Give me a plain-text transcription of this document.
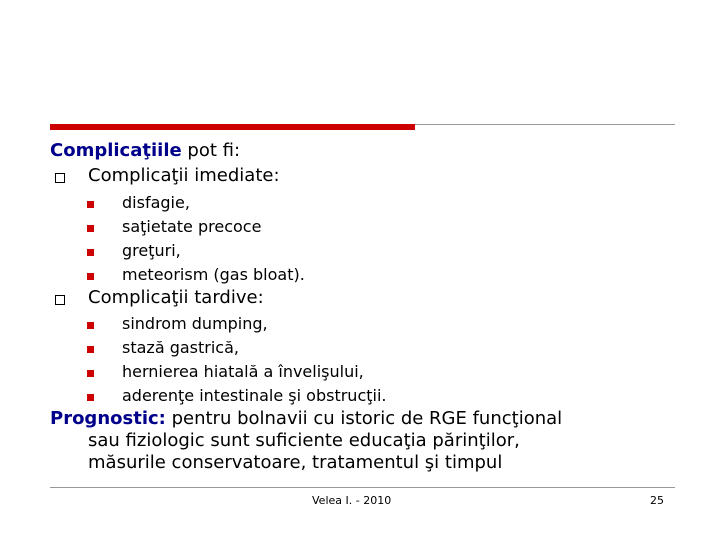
Complicaţiile pot fi:
Complicaţii imediate:
disfagie,
saţietate precoce
greţuri,
meteorism (gas bloat).
Complicaţii tardive:
sindrom dumping,
stază gastrică,
hernierea hiatală a învelişului,
aderenţe intestinale şi obstrucţii.
Prognostic: pentru bolnavii cu istoric de RGE funcţional
sau fiziologic sunt suficiente educaţia părinţilor,
măsurile conservatoare, tratamentul şi timpul
Velea I. - 2010	25
